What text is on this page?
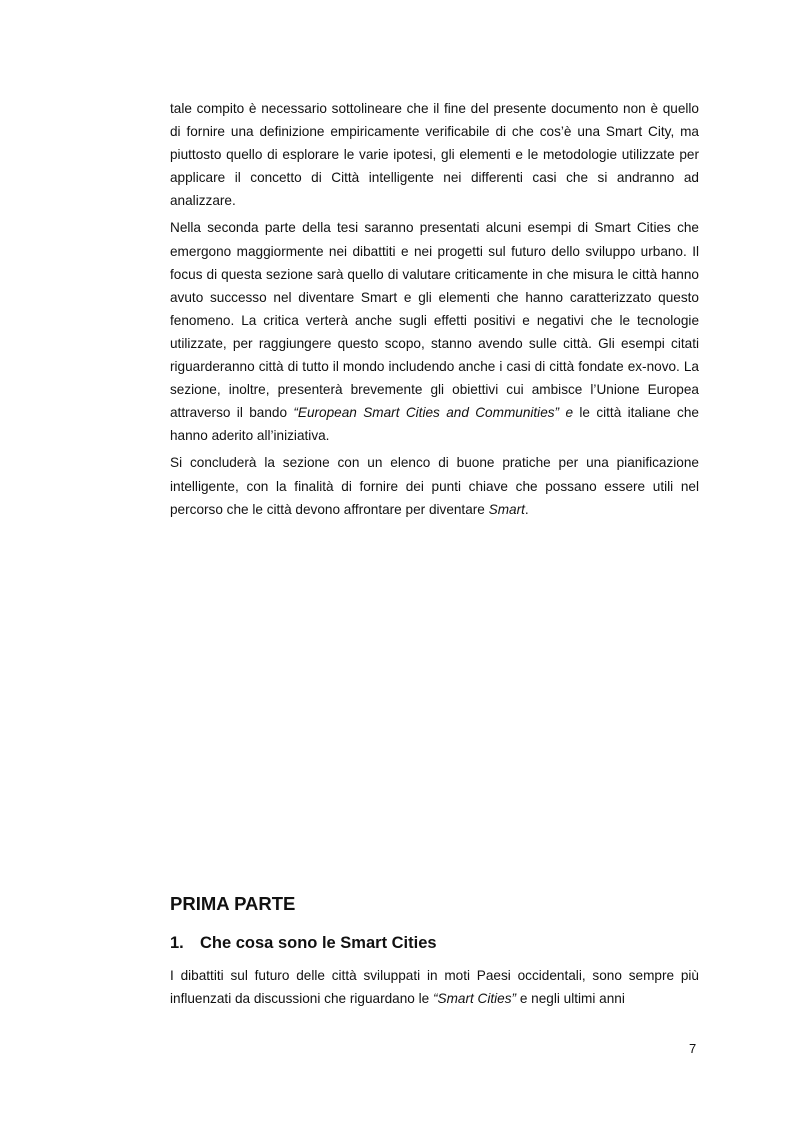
tale compito è necessario sottolineare che il fine del presente documento non è quello di fornire una definizione empiricamente verificabile di che cos’è una Smart City, ma piuttosto quello di esplorare le varie ipotesi, gli elementi e le metodologie utilizzate per applicare il concetto di Città intelligente nei differenti casi che si andranno ad analizzare.

Nella seconda parte della tesi saranno presentati alcuni esempi di Smart Cities che emergono maggiormente nei dibattiti e nei progetti sul futuro dello sviluppo urbano. Il focus di questa sezione sarà quello di valutare criticamente in che misura le città hanno avuto successo nel diventare Smart e gli elementi che hanno caratterizzato questo fenomeno. La critica verterà anche sugli effetti positivi e negativi che le tecnologie utilizzate, per raggiungere questo scopo, stanno avendo sulle città. Gli esempi citati riguarderanno città di tutto il mondo includendo anche i casi di città fondate ex-novo. La sezione, inoltre, presenterà brevemente gli obiettivi cui ambisce l’Unione Europea attraverso il bando “European Smart Cities and Communities” e le città italiane che hanno aderito all’iniziativa.

Si concluderà la sezione con un elenco di buone pratiche per una pianificazione intelligente, con la finalità di fornire dei punti chiave che possano essere utili nel percorso che le città devono affrontare per diventare Smart.

PRIMA PARTE
1. Che cosa sono le Smart Cities

I dibattiti sul futuro delle città sviluppati in moti Paesi occidentali, sono sempre più influenzati da discussioni che riguardano le “Smart Cities” e negli ultimi anni

7
